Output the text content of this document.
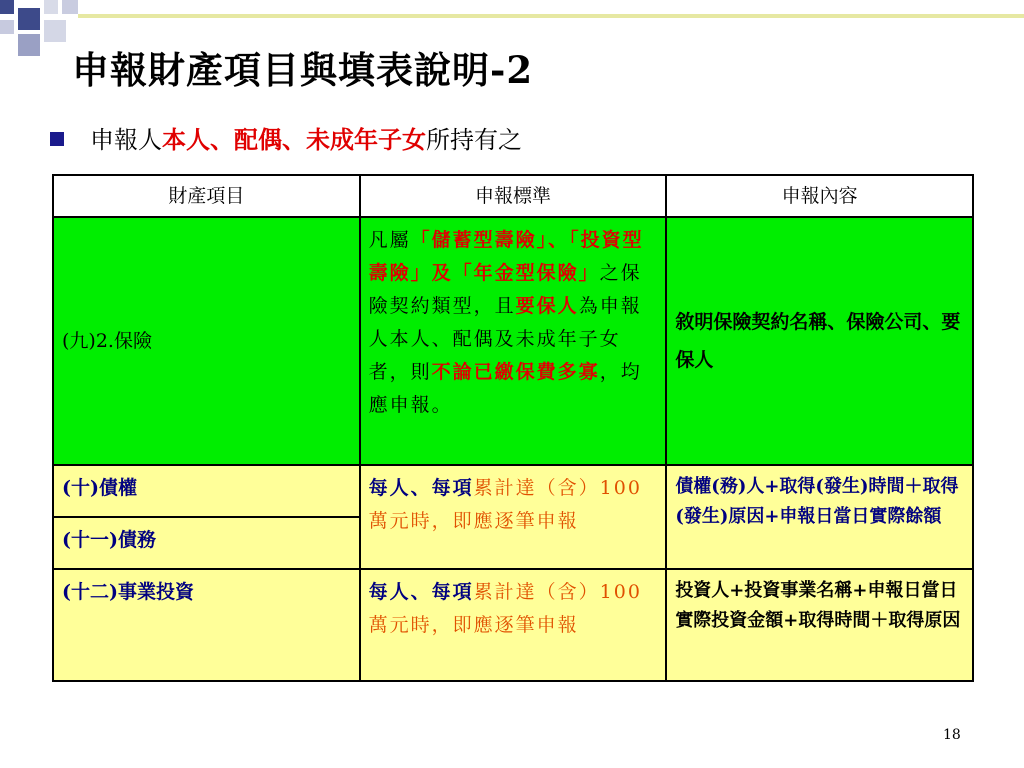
申報財產項目與填表說明-2
申報人本人、配偶、未成年子女所持有之
財產項目	申報標準	申報內容
(九)2.保險	凡屬「儲蓄型壽險」、「投資型壽險」及「年金型保險」之保險契約類型，且要保人為申報人本人、配偶及未成年子女者，則不論已繳保費多寡，均應申報。	敘明保險契約名稱、保險公司、要保人
(十)債權	每人、每項累計達（含）100萬元時，即應逐筆申報	債權(務)人+取得(發生)時間＋取得(發生)原因+申報日當日實際餘額
(十一)債務		
(十二)事業投資	每人、每項累計達（含）100萬元時，即應逐筆申報	投資人+投資事業名稱+申報日當日實際投資金額+取得時間＋取得原因
18
